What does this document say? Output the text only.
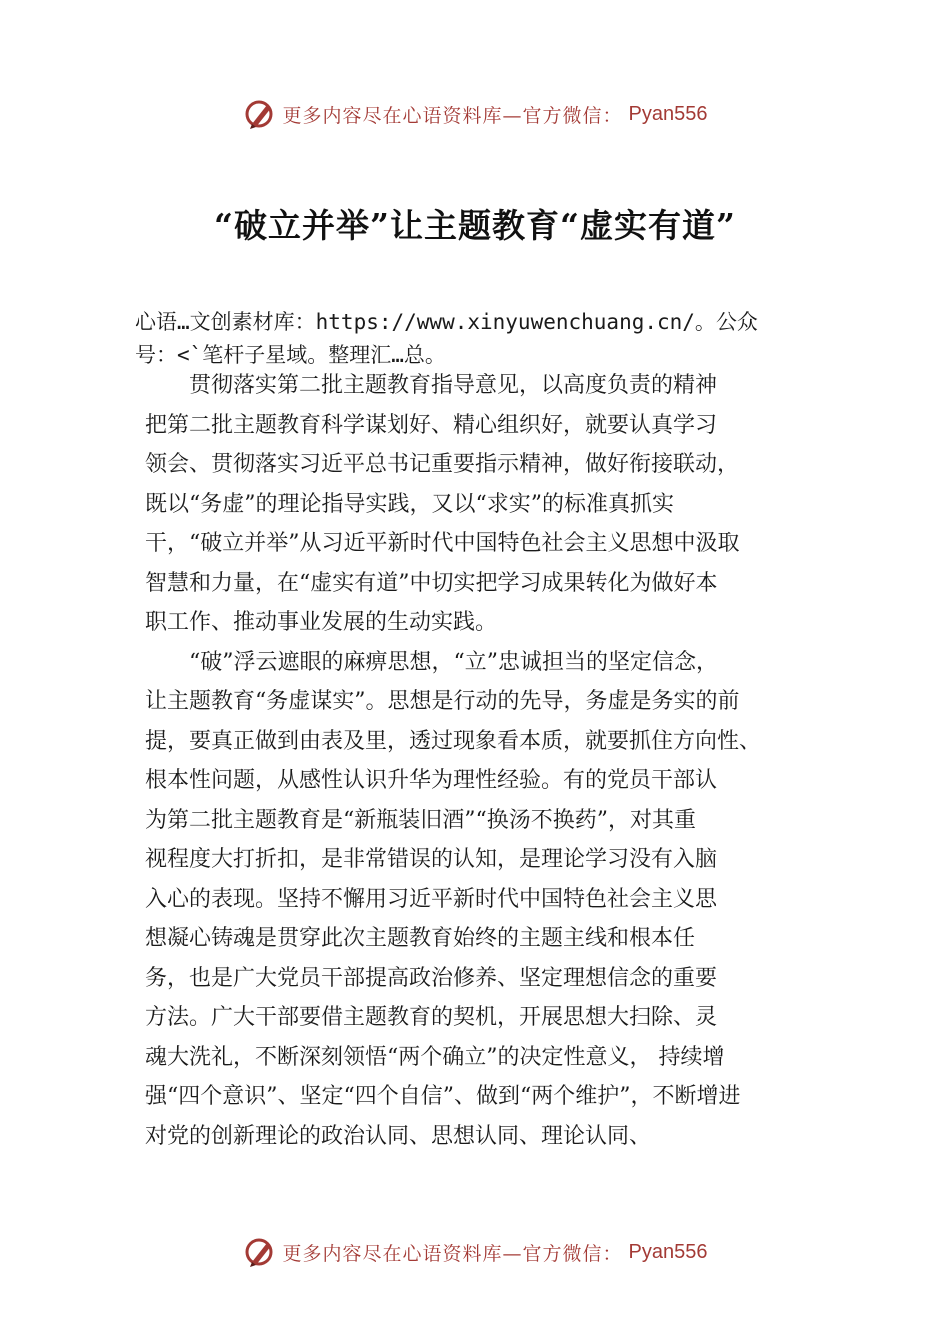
更多内容尽在心语资料库—官方微信： Pyan556
“破立并举”让主题教育“虚实有道”
心语…文创素材库：https://www.xinyuwenchuang.cn/。公众
号：<`笔杆子星域。整理汇…总。

贯彻落实第二批主题教育指导意见，以高度负责的精神
把第二批主题教育科学谋划好、精心组织好，就要认真学习
领会、贯彻落实习近平总书记重要指示精神，做好衔接联动，
既以“务虚”的理论指导实践，又以“求实”的标准真抓实
干，“破立并举”从习近平新时代中国特色社会主义思想中汲取
智慧和力量，在“虚实有道”中切实把学习成果转化为做好本
职工作、推动事业发展的生动实践。

“破”浮云遮眼的麻痹思想，“立”忠诚担当的坚定信念，
让主题教育“务虚谋实”。思想是行动的先导，务虚是务实的前
提，要真正做到由表及里，透过现象看本质，就要抓住方向性、
根本性问题，从感性认识升华为理性经验。有的党员干部认
为第二批主题教育是“新瓶装旧酒”“换汤不换药”，对其重
视程度大打折扣，是非常错误的认知，是理论学习没有入脑
入心的表现。坚持不懈用习近平新时代中国特色社会主义思
想凝心铸魂是贯穿此次主题教育始终的主题主线和根本任
务，也是广大党员干部提高政治修养、坚定理想信念的重要
方法。广大干部要借主题教育的契机，开展思想大扫除、灵
魂大洗礼，不断深刻领悟“两个确立”的决定性意义， 持续增
强“四个意识”、坚定“四个自信”、做到“两个维护”，不断增进
对党的创新理论的政治认同、思想认同、理论认同、

更多内容尽在心语资料库—官方微信： Pyan556
